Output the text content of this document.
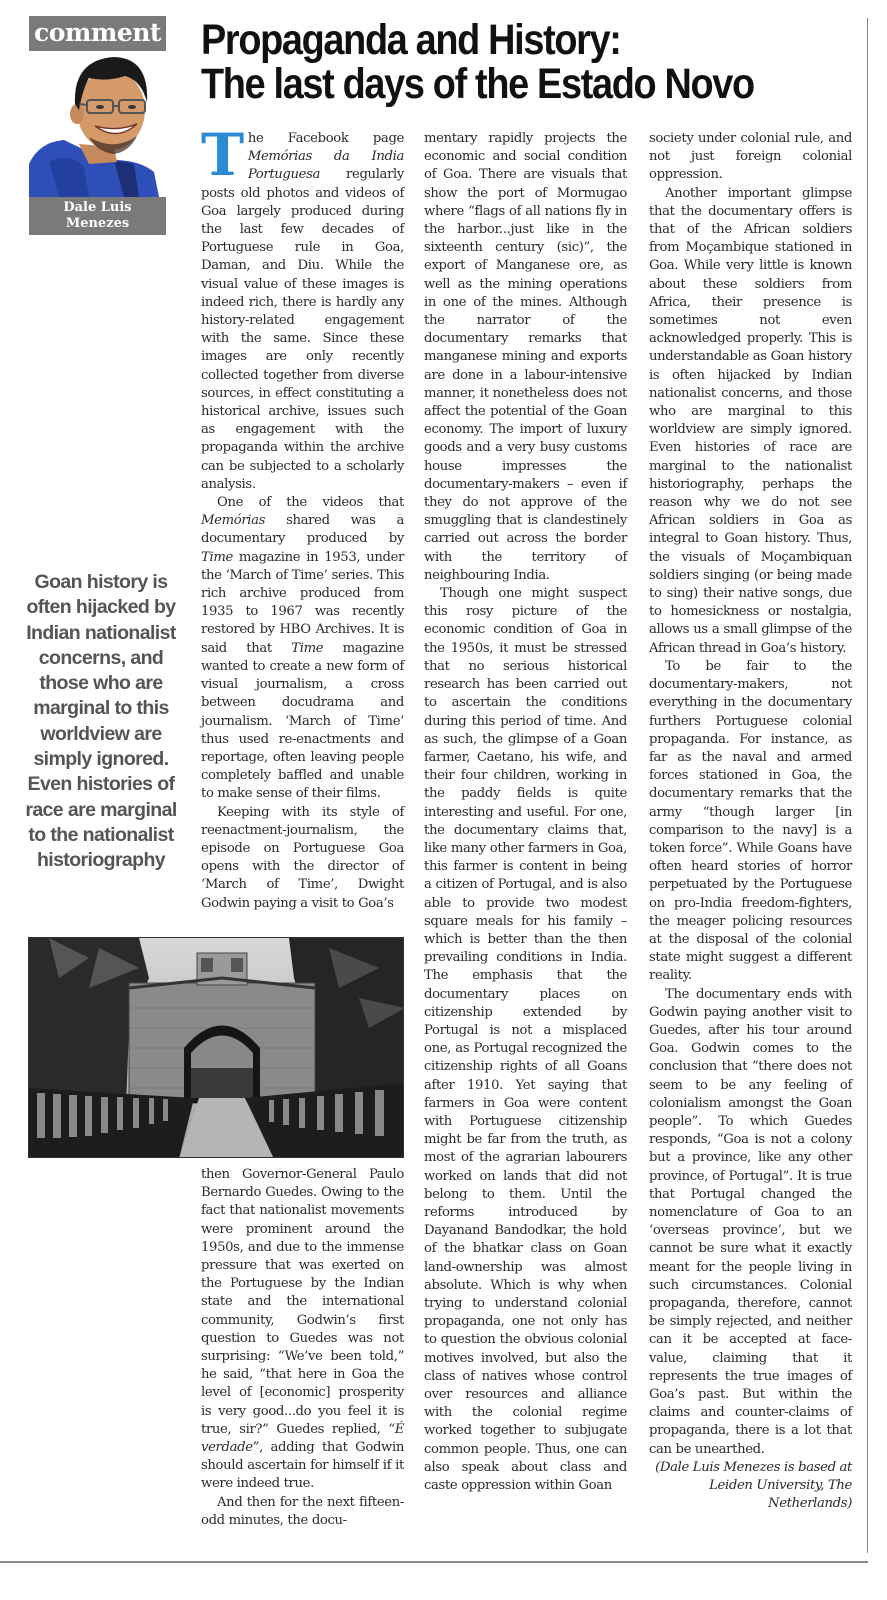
comment
Dale Luis
Menezes
Propaganda and History:
The last days of the Estado Novo
Goan history is often hijacked by Indian nationalist concerns, and those who are marginal to this worldview are simply ignored. Even histories of race are marginal to the nationalist historiography

The Facebook page Memórias da India Portuguesa regularly posts old photos and videos of Goa largely produced during the last few decades of Portuguese rule in Goa, Daman, and Diu. While the visual value of these images is indeed rich, there is hardly any history-related engagement with the same. Since these images are only recently collected together from diverse sources, in effect constituting a historical archive, issues such as engagement with the propaganda within the archive can be subjected to a scholarly analysis.

One of the videos that Memórias shared was a documentary produced by Time magazine in 1953, under the ‘March of Time’ series. This rich archive produced from 1935 to 1967 was recently restored by HBO Archives. It is said that Time magazine wanted to create a new form of visual journalism, a cross between docudrama and journalism. ‘March of Time’ thus used re-enactments and reportage, often leaving people completely baffled and unable to make sense of their films.

Keeping with its style of reenactment-journalism, the episode on Portuguese Goa opens with the director of ‘March of Time’, Dwight Godwin paying a visit to Goa’s

then Governor-General Paulo Bernardo Guedes. Owing to the fact that nationalist movements were prominent around the 1950s, and due to the immense pressure that was exerted on the Portuguese by the Indian state and the international community, Godwin’s first question to Guedes was not surprising: “We’ve been told,” he said, “that here in Goa the level of [economic] prosperity is very good...do you feel it is true, sir?” Guedes replied, “É verdade”, adding that Godwin should ascertain for himself if it were indeed true.

And then for the next fifteen-odd minutes, the docu-

mentary rapidly projects the economic and social condition of Goa. There are visuals that show the port of Mormugao where “flags of all nations fly in the harbor...just like in the sixteenth century (sic)”, the export of Manganese ore, as well as the mining operations in one of the mines. Although the narrator of the documentary remarks that manganese mining and exports are done in a labour-intensive manner, it nonetheless does not affect the potential of the Goan economy. The import of luxury goods and a very busy customs house impresses the documentary-makers – even if they do not approve of the smuggling that is clandestinely carried out across the border with the territory of neighbouring India.

Though one might suspect this rosy picture of the economic condition of Goa in the 1950s, it must be stressed that no serious historical research has been carried out to ascertain the conditions during this period of time. And as such, the glimpse of a Goan farmer, Caetano, his wife, and their four children, working in the paddy fields is quite interesting and useful. For one, the documentary claims that, like many other farmers in Goa, this farmer is content in being a citizen of Portugal, and is also able to provide two modest square meals for his family – which is better than the then prevailing conditions in India. The emphasis that the documentary places on citizenship extended by Portugal is not a misplaced one, as Portugal recognized the citizenship rights of all Goans after 1910. Yet saying that farmers in Goa were content with Portuguese citizenship might be far from the truth, as most of the agrarian labourers worked on lands that did not belong to them. Until the reforms introduced by Dayanand Bandodkar, the hold of the bhatkar class on Goan land-ownership was almost absolute. Which is why when trying to understand colonial propaganda, one not only has to question the obvious colonial motives involved, but also the class of natives whose control over resources and alliance with the colonial regime worked together to subjugate common people. Thus, one can also speak about class and caste oppression within Goan

society under colonial rule, and not just foreign colonial oppression.

Another important glimpse that the documentary offers is that of the African soldiers from Moçambique stationed in Goa. While very little is known about these soldiers from Africa, their presence is sometimes not even acknowledged properly. This is understandable as Goan history is often hijacked by Indian nationalist concerns, and those who are marginal to this worldview are simply ignored. Even histories of race are marginal to the nationalist historiography, perhaps the reason why we do not see African soldiers in Goa as integral to Goan history. Thus, the visuals of Moçambiquan soldiers singing (or being made to sing) their native songs, due to homesickness or nostalgia, allows us a small glimpse of the African thread in Goa’s history.

To be fair to the documentary-makers, not everything in the documentary furthers Portuguese colonial propaganda. For instance, as far as the naval and armed forces stationed in Goa, the documentary remarks that the army “though larger [in comparison to the navy] is a token force”. While Goans have often heard stories of horror perpetuated by the Portuguese on pro-India freedom-fighters, the meager policing resources at the disposal of the colonial state might suggest a different reality.

The documentary ends with Godwin paying another visit to Guedes, after his tour around Goa. Godwin comes to the conclusion that “there does not seem to be any feeling of colonialism amongst the Goan people”. To which Guedes responds, “Goa is not a colony but a province, like any other province, of Portugal”. It is true that Portugal changed the nomenclature of Goa to an ‘overseas province’, but we cannot be sure what it exactly meant for the people living in such circumstances. Colonial propaganda, therefore, cannot be simply rejected, and neither can it be accepted at face-value, claiming that it represents the true images of Goa’s past. But within the claims and counter-claims of propaganda, there is a lot that can be unearthed.

(Dale Luis Menezes is based at Leiden University, The Netherlands)
